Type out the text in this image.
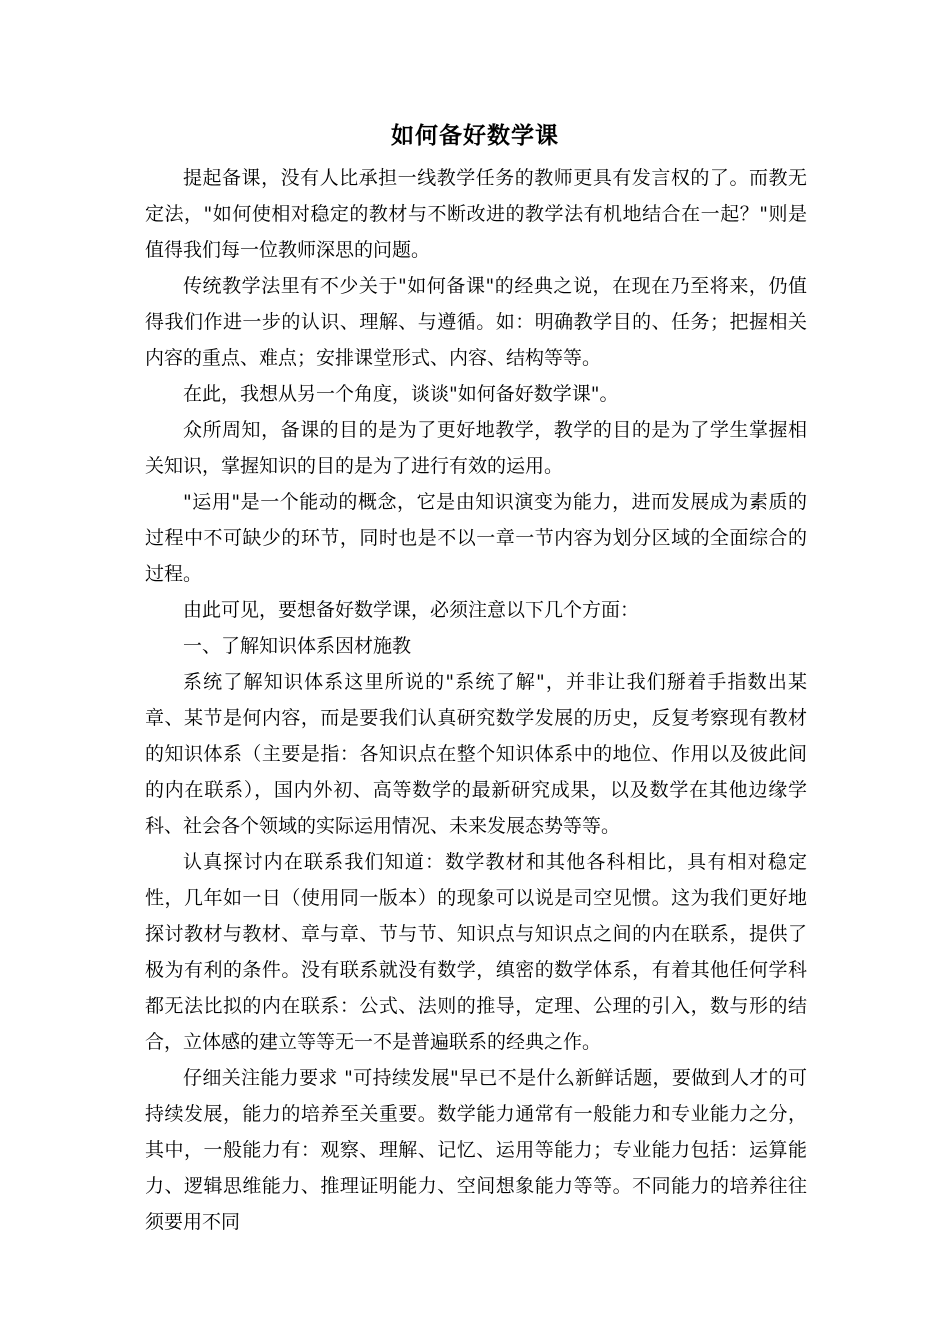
如何备好数学课

提起备课，没有人比承担一线教学任务的教师更具有发言权的了。而教无定法，"如何使相对稳定的教材与不断改进的教学法有机地结合在一起？"则是值得我们每一位教师深思的问题。

传统教学法里有不少关于"如何备课"的经典之说，在现在乃至将来，仍值得我们作进一步的认识、理解、与遵循。如：明确教学目的、任务；把握相关内容的重点、难点；安排课堂形式、内容、结构等等。

在此，我想从另一个角度，谈谈"如何备好数学课"。

众所周知，备课的目的是为了更好地教学，教学的目的是为了学生掌握相关知识，掌握知识的目的是为了进行有效的运用。

"运用"是一个能动的概念，它是由知识演变为能力，进而发展成为素质的过程中不可缺少的环节，同时也是不以一章一节内容为划分区域的全面综合的过程。

由此可见，要想备好数学课，必须注意以下几个方面：

一、了解知识体系因材施教

系统了解知识体系这里所说的"系统了解"，并非让我们掰着手指数出某章、某节是何内容，而是要我们认真研究数学发展的历史，反复考察现有教材的知识体系（主要是指：各知识点在整个知识体系中的地位、作用以及彼此间的内在联系），国内外初、高等数学的最新研究成果，以及数学在其他边缘学科、社会各个领域的实际运用情况、未来发展态势等等。

认真探讨内在联系我们知道：数学教材和其他各科相比，具有相对稳定性，几年如一日（使用同一版本）的现象可以说是司空见惯。这为我们更好地探讨教材与教材、章与章、节与节、知识点与知识点之间的内在联系，提供了极为有利的条件。没有联系就没有数学，缜密的数学体系，有着其他任何学科都无法比拟的内在联系：公式、法则的推导，定理、公理的引入，数与形的结合，立体感的建立等等无一不是普遍联系的经典之作。

仔细关注能力要求 "可持续发展"早已不是什么新鲜话题，要做到人才的可持续发展，能力的培养至关重要。数学能力通常有一般能力和专业能力之分，其中，一般能力有：观察、理解、记忆、运用等能力；专业能力包括：运算能力、逻辑思维能力、推理证明能力、空间想象能力等等。不同能力的培养往往须要用不同
